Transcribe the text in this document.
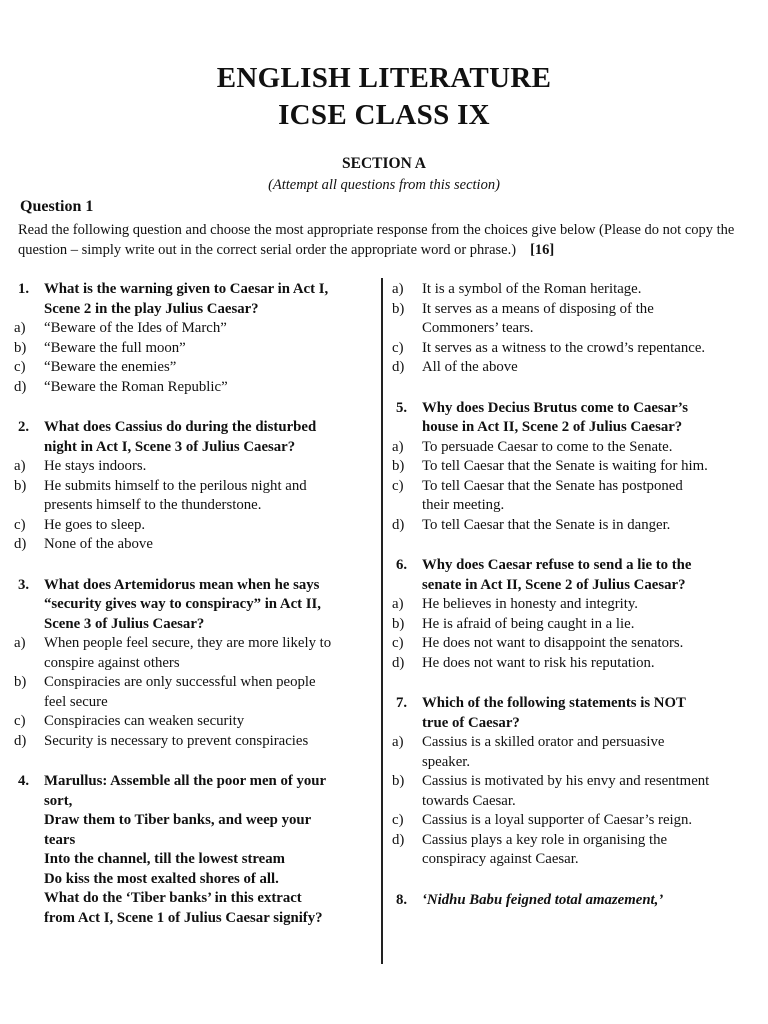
ENGLISH LITERATURE
ICSE CLASS IX
SECTION A
(Attempt all questions from this section)
Question 1
Read the following question and choose the most appropriate response from the choices give below (Please do not copy the question – simply write out in the correct serial order the appropriate word or phrase.) [16]
1.	What is the warning given to Caesar in Act I,
Scene 2 in the play Julius Caesar?
a)	“Beware of the Ides of March”
b)	“Beware the full moon”
c)	“Beware the enemies”
d)	“Beware the Roman Republic”
2.	What does Cassius do during the disturbed
night in Act I, Scene 3 of Julius Caesar?
a)	He stays indoors.
b)	He submits himself to the perilous night and
presents himself to the thunderstone.
c)	He goes to sleep.
d)	None of the above
3.	What does Artemidorus mean when he says
“security gives way to conspiracy” in Act II,
Scene 3 of Julius Caesar?
a)	When people feel secure, they are more likely to
conspire against others
b)	Conspiracies are only successful when people
feel secure
c)	Conspiracies can weaken security
d)	Security is necessary to prevent conspiracies
4.	Marullus: Assemble all the poor men of your
sort,
Draw them to Tiber banks, and weep your
tears
Into the channel, till the lowest stream
Do kiss the most exalted shores of all.
What do the ‘Tiber banks’ in this extract
from Act I, Scene 1 of Julius Caesar signify?
a)	It is a symbol of the Roman heritage.
b)	It serves as a means of disposing of the
Commoners’ tears.
c)	It serves as a witness to the crowd’s repentance.
d)	All of the above
5.	Why does Decius Brutus come to Caesar’s
house in Act II, Scene 2 of Julius Caesar?
a)	To persuade Caesar to come to the Senate.
b)	To tell Caesar that the Senate is waiting for him.
c)	To tell Caesar that the Senate has postponed
their meeting.
d)	To tell Caesar that the Senate is in danger.
6.	Why does Caesar refuse to send a lie to the
senate in Act II, Scene 2 of Julius Caesar?
a)	He believes in honesty and integrity.
b)	He is afraid of being caught in a lie.
c)	He does not want to disappoint the senators.
d)	He does not want to risk his reputation.
7.	Which of the following statements is NOT
true of Caesar?
a)	Cassius is a skilled orator and persuasive
speaker.
b)	Cassius is motivated by his envy and resentment
towards Caesar.
c)	Cassius is a loyal supporter of Caesar’s reign.
d)	Cassius plays a key role in organising the
conspiracy against Caesar.
8.	‘Nidhu Babu feigned total amazement,’
